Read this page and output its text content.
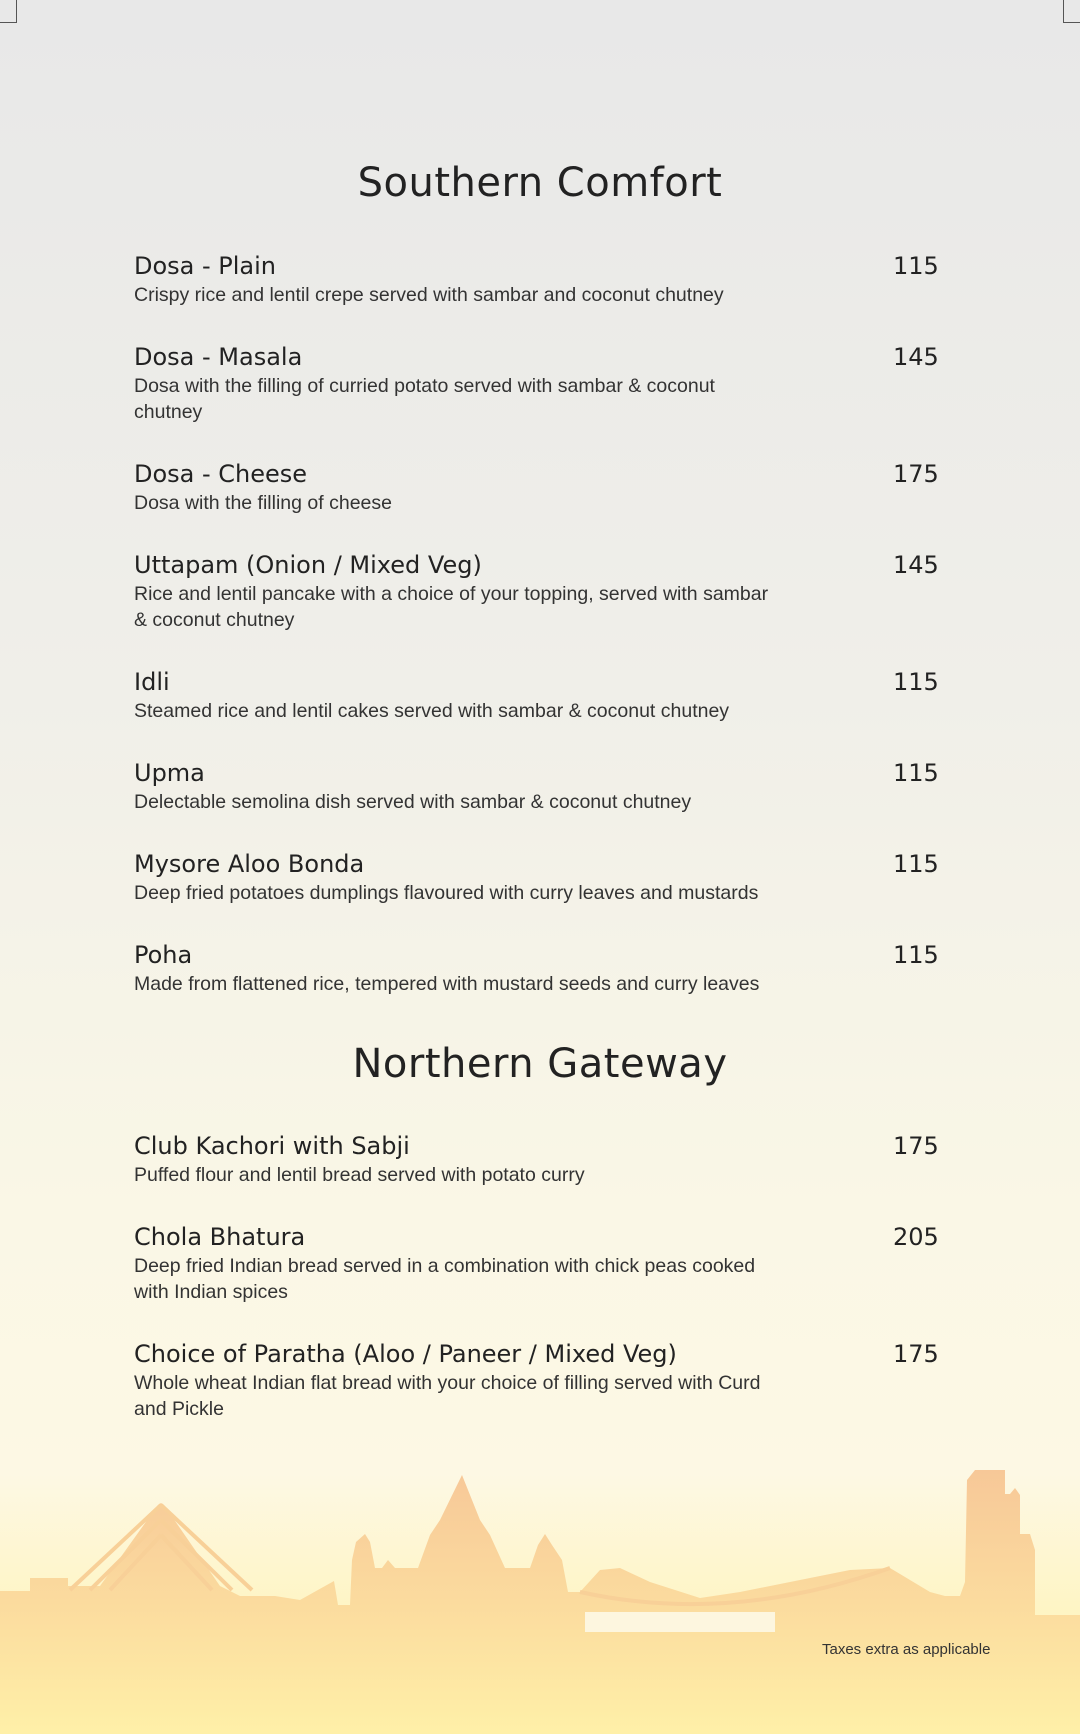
Southern Comfort
Dosa - Plain	115
Crispy rice and lentil crepe served with sambar and coconut chutney
Dosa - Masala	145
Dosa with the filling of curried potato served with sambar & coconut chutney
Dosa - Cheese	175
Dosa with the filling of cheese
Uttapam (Onion / Mixed Veg)	145
Rice and lentil pancake with a choice of your topping, served with sambar & coconut chutney
Idli	115
Steamed rice and lentil cakes served with sambar & coconut chutney
Upma	115
Delectable semolina dish served with sambar & coconut chutney
Mysore Aloo Bonda	115
Deep fried potatoes dumplings flavoured with curry leaves and mustards
Poha	115
Made from flattened rice, tempered with mustard seeds and curry leaves
Northern Gateway
Club Kachori with Sabji	175
Puffed flour and lentil bread served with potato curry
Chola Bhatura	205
Deep fried Indian bread served in a combination with chick peas cooked with Indian spices
Choice of Paratha (Aloo / Paneer / Mixed Veg)	175
Whole wheat Indian flat bread with your choice of filling served with Curd and Pickle
Taxes extra as applicable
